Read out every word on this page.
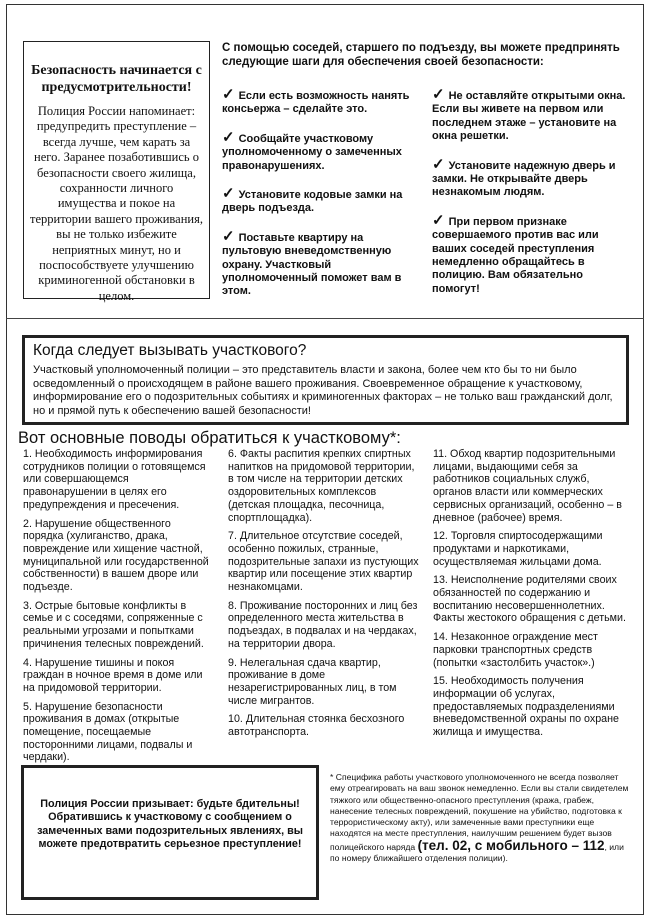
Безопасность начинается с предусмотрительности!
Полиция России напоминает: предупредить преступление – всегда лучше, чем карать за него. Заранее позаботившись о безопасности своего жилища, сохранности личного имущества и покое на территории вашего проживания, вы не только избежите неприятных минут, но и поспособствуете улучшению криминогенной обстановки в целом.
С помощью соседей, старшего по подъезду, вы можете предпринять следующие шаги для обеспечения своей безопасности:
✓ Если есть возможность нанять консьержа – сделайте это.
✓ Сообщайте участковому уполномоченному о замеченных правонарушениях.
✓ Установите кодовые замки на дверь подъезда.
✓ Поставьте квартиру на пультовую вневедомственную охрану. Участковый уполномоченный поможет вам в этом.
✓ Не оставляйте открытыми окна. Если вы живете на первом или последнем этаже – установите на окна решетки.
✓ Установите надежную дверь и замки. Не открывайте дверь незнакомым людям.
✓ При первом признаке совершаемого против вас или ваших соседей преступления немедленно обращайтесь в полицию. Вам обязательно помогут!
Когда следует вызывать участкового?
Участковый уполномоченный полиции – это представитель власти и закона, более чем кто бы то ни было осведомленный о происходящем в районе вашего проживания. Своевременное обращение к участковому, информирование его о подозрительных событиях и криминогенных факторах – не только ваш гражданский долг, но и прямой путь к обеспечению вашей безопасности!
Вот основные поводы обратиться к участковому*:
1. Необходимость информирования сотрудников полиции о готовящемся или совершающемся правонарушении в целях его предупреждения и пресечения.
2. Нарушение общественного порядка (хулиганство, драка, повреждение или хищение частной, муниципальной или государственной собственности) в вашем дворе или подъезде.
3. Острые бытовые конфликты в семье и с соседями, сопряженные с реальными угрозами и попытками причинения телесных повреждений.
4. Нарушение тишины и покоя граждан в ночное время в доме или на придомовой территории.
5. Нарушение безопасности проживания в домах (открытые помещение, посещаемые посторонними лицами, подвалы и чердаки).
6. Факты распития крепких спиртных напитков на придомовой территории, в том числе на территории детских оздоровительных комплексов (детская площадка, песочница, спортплощадка).
7. Длительное отсутствие соседей, особенно пожилых, странные, подозрительные запахи из пустующих квартир или посещение этих квартир незнакомцами.
8. Проживание посторонних и лиц без определенного места жительства в подъездах, в подвалах и на чердаках, на территории двора.
9. Нелегальная сдача квартир, проживание в доме незарегистрированных лиц, в том числе мигрантов.
10. Длительная стоянка бесхозного автотранспорта.
11. Обход квартир подозрительными лицами, выдающими себя за работников социальных служб, органов власти или коммерческих сервисных организаций, особенно – в дневное (рабочее) время.
12. Торговля спиртосодержащими продуктами и наркотиками, осуществляемая жильцами дома.
13. Неисполнение родителями своих обязанностей по содержанию и воспитанию несовершеннолетних. Факты жестокого обращения с детьми.
14. Незаконное ограждение мест парковки транспортных средств (попытки «застолбить участок».)
15. Необходимость получения информации об услугах, предоставляемых подразделениями вневедомственной охраны по охране жилища и имущества.
Полиция России призывает: будьте бдительны! Обратившись к участковому с сообщением о замеченных вами подозрительных явлениях, вы можете предотвратить серьезное преступление!
* Специфика работы участкового уполномоченного не всегда позволяет ему отреагировать на ваш звонок немедленно. Если вы стали свидетелем тяжкого или общественно-опасного преступления (кража, грабеж, нанесение телесных повреждений, покушение на убийство, подготовка к террористическому акту), или замеченные вами преступники еще находятся на месте преступления, наилучшим решением будет вызов полицейского наряда (тел. 02, с мобильного – 112, или по номеру ближайшего отделения полиции).
